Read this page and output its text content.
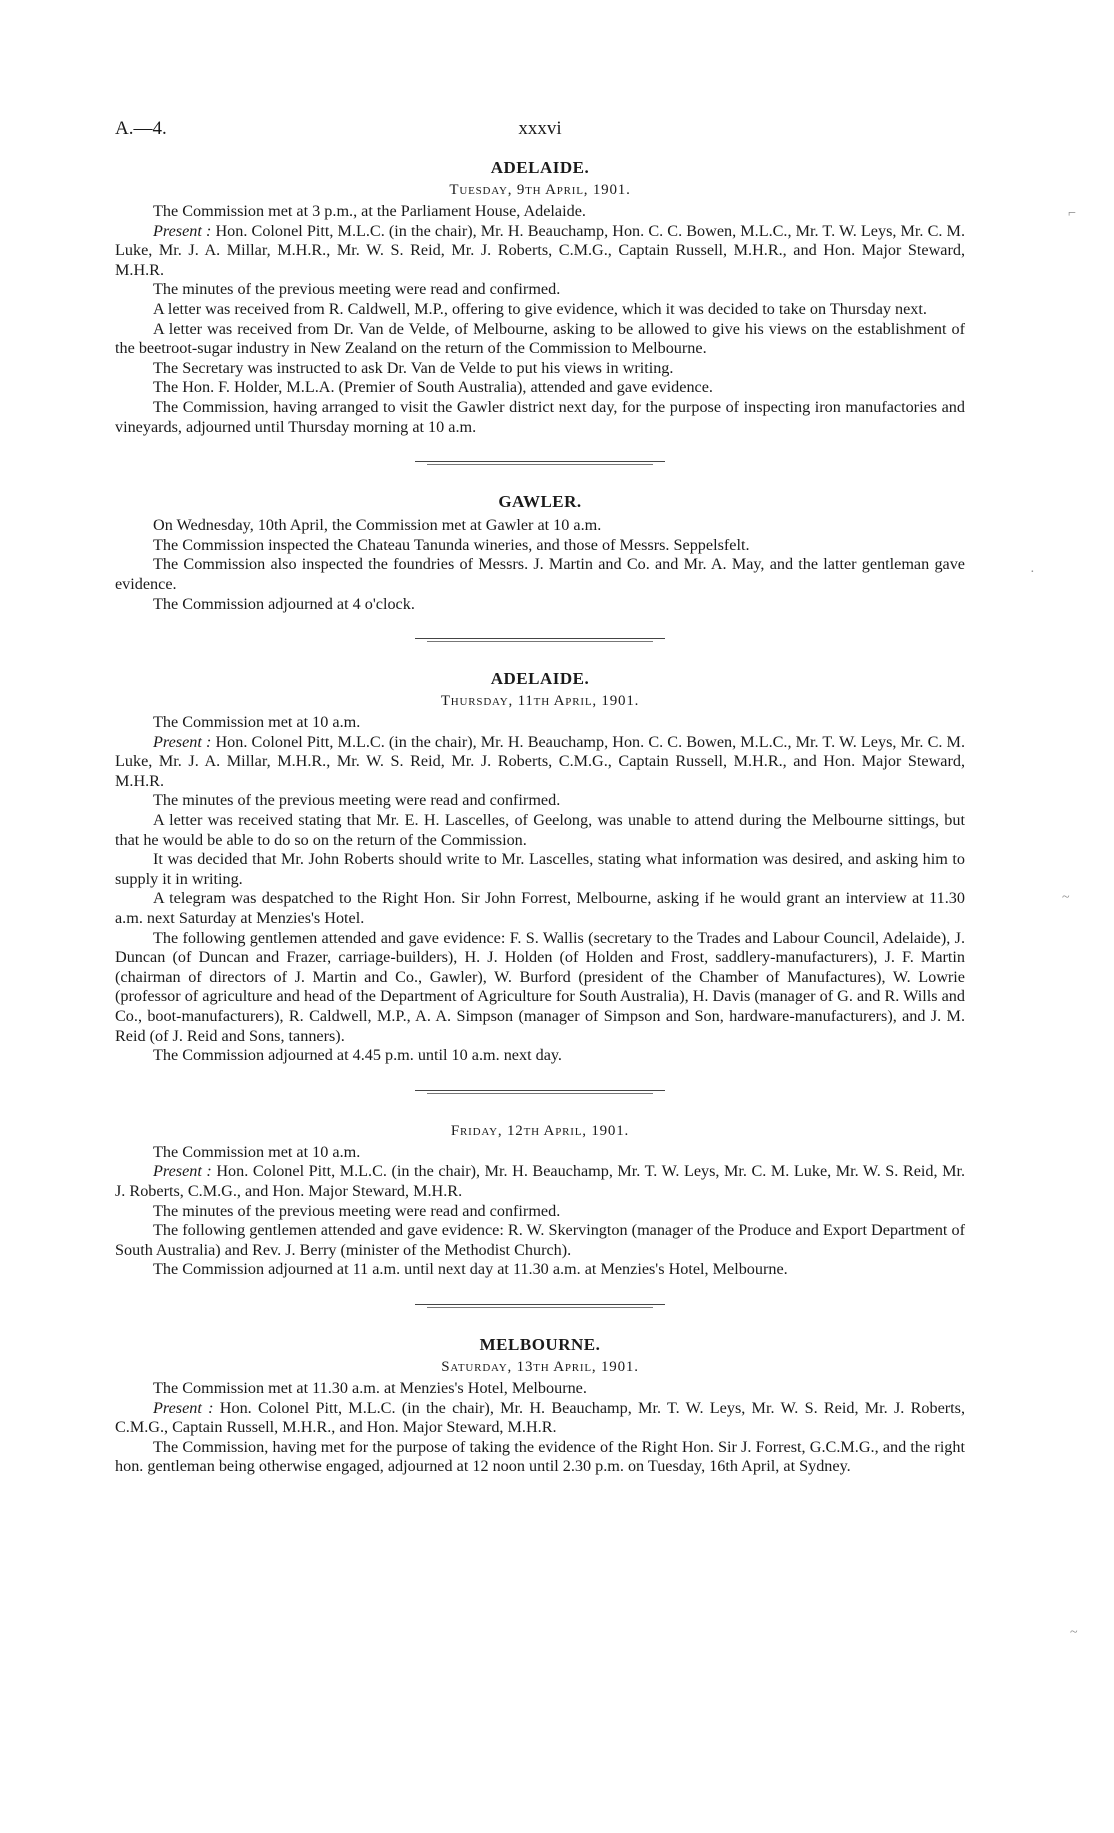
A.—4.	xxxvi
ADELAIDE.
Tuesday, 9th April, 1901.

The Commission met at 3 p.m., at the Parliament House, Adelaide.

Present : Hon. Colonel Pitt, M.L.C. (in the chair), Mr. H. Beauchamp, Hon. C. C. Bowen, M.L.C., Mr. T. W. Leys, Mr. C. M. Luke, Mr. J. A. Millar, M.H.R., Mr. W. S. Reid, Mr. J. Roberts, C.M.G., Captain Russell, M.H.R., and Hon. Major Steward, M.H.R.

The minutes of the previous meeting were read and confirmed.

A letter was received from R. Caldwell, M.P., offering to give evidence, which it was decided to take on Thursday next.

A letter was received from Dr. Van de Velde, of Melbourne, asking to be allowed to give his views on the establishment of the beetroot-sugar industry in New Zealand on the return of the Commission to Melbourne.

The Secretary was instructed to ask Dr. Van de Velde to put his views in writing.

The Hon. F. Holder, M.L.A. (Premier of South Australia), attended and gave evidence.

The Commission, having arranged to visit the Gawler district next day, for the purpose of inspecting iron manufactories and vineyards, adjourned until Thursday morning at 10 a.m.

GAWLER.

On Wednesday, 10th April, the Commission met at Gawler at 10 a.m.

The Commission inspected the Chateau Tanunda wineries, and those of Messrs. Seppelsfelt.

The Commission also inspected the foundries of Messrs. J. Martin and Co. and Mr. A. May, and the latter gentleman gave evidence.

The Commission adjourned at 4 o'clock.

ADELAIDE.
Thursday, 11th April, 1901.

The Commission met at 10 a.m.

Present : Hon. Colonel Pitt, M.L.C. (in the chair), Mr. H. Beauchamp, Hon. C. C. Bowen, M.L.C., Mr. T. W. Leys, Mr. C. M. Luke, Mr. J. A. Millar, M.H.R., Mr. W. S. Reid, Mr. J. Roberts, C.M.G., Captain Russell, M.H.R., and Hon. Major Steward, M.H.R.

The minutes of the previous meeting were read and confirmed.

A letter was received stating that Mr. E. H. Lascelles, of Geelong, was unable to attend during the Melbourne sittings, but that he would be able to do so on the return of the Commission.

It was decided that Mr. John Roberts should write to Mr. Lascelles, stating what information was desired, and asking him to supply it in writing.

A telegram was despatched to the Right Hon. Sir John Forrest, Melbourne, asking if he would grant an interview at 11.30 a.m. next Saturday at Menzies's Hotel.

The following gentlemen attended and gave evidence: F. S. Wallis (secretary to the Trades and Labour Council, Adelaide), J. Duncan (of Duncan and Frazer, carriage-builders), H. J. Holden (of Holden and Frost, saddlery-manufacturers), J. F. Martin (chairman of directors of J. Martin and Co., Gawler), W. Burford (president of the Chamber of Manufactures), W. Lowrie (professor of agriculture and head of the Department of Agriculture for South Australia), H. Davis (manager of G. and R. Wills and Co., boot-manufacturers), R. Caldwell, M.P., A. A. Simpson (manager of Simpson and Son, hardware-manufacturers), and J. M. Reid (of J. Reid and Sons, tanners).

The Commission adjourned at 4.45 p.m. until 10 a.m. next day.

Friday, 12th April, 1901.

The Commission met at 10 a.m.

Present : Hon. Colonel Pitt, M.L.C. (in the chair), Mr. H. Beauchamp, Mr. T. W. Leys, Mr. C. M. Luke, Mr. W. S. Reid, Mr. J. Roberts, C.M.G., and Hon. Major Steward, M.H.R.

The minutes of the previous meeting were read and confirmed.

The following gentlemen attended and gave evidence: R. W. Skervington (manager of the Produce and Export Department of South Australia) and Rev. J. Berry (minister of the Methodist Church).

The Commission adjourned at 11 a.m. until next day at 11.30 a.m. at Menzies's Hotel, Melbourne.

MELBOURNE.
Saturday, 13th April, 1901.

The Commission met at 11.30 a.m. at Menzies's Hotel, Melbourne.

Present : Hon. Colonel Pitt, M.L.C. (in the chair), Mr. H. Beauchamp, Mr. T. W. Leys, Mr. W. S. Reid, Mr. J. Roberts, C.M.G., Captain Russell, M.H.R., and Hon. Major Steward, M.H.R.

The Commission, having met for the purpose of taking the evidence of the Right Hon. Sir J. Forrest, G.C.M.G., and the right hon. gentleman being otherwise engaged, adjourned at 12 noon until 2.30 p.m. on Tuesday, 16th April, at Sydney.

⌐
·
~
~
